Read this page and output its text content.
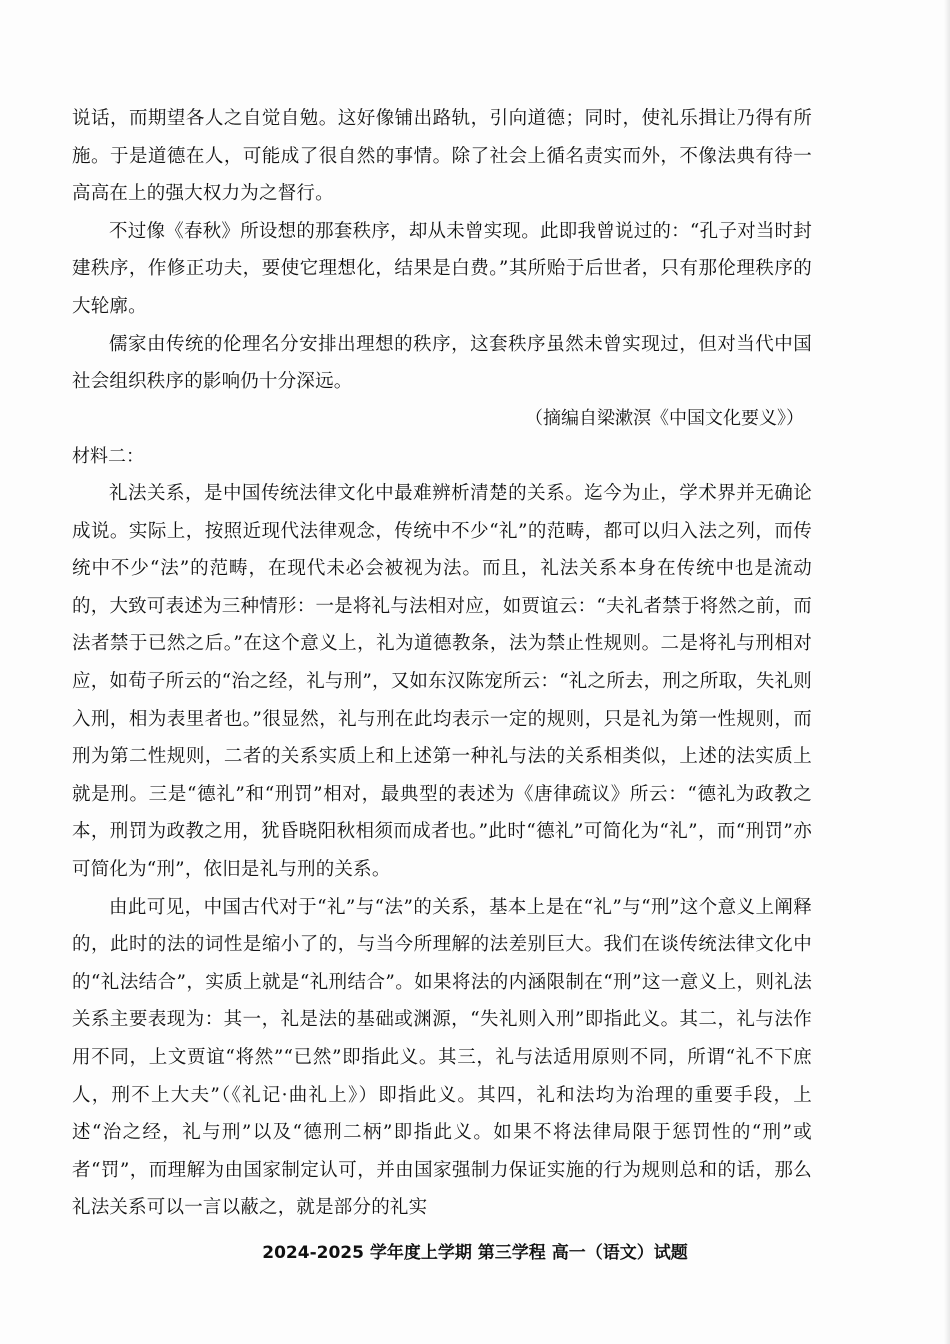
说话，而期望各人之自觉自勉。这好像铺出路轨，引向道德；同时，使礼乐揖让乃得有所施。于是道德在人，可能成了很自然的事情。除了社会上循名责实而外，不像法典有待一高高在上的强大权力为之督行。

不过像《春秋》所设想的那套秩序，却从未曾实现。此即我曾说过的：“孔子对当时封建秩序，作修正功夫，要使它理想化，结果是白费。”其所贻于后世者，只有那伦理秩序的大轮廓。

儒家由传统的伦理名分安排出理想的秩序，这套秩序虽然未曾实现过，但对当代中国社会组织秩序的影响仍十分深远。

（摘编自梁漱溟《中国文化要义》）
材料二：

礼法关系，是中国传统法律文化中最难辨析清楚的关系。迄今为止，学术界并无确论成说。实际上，按照近现代法律观念，传统中不少“礼”的范畴，都可以归入法之列，而传统中不少“法”的范畴，在现代未必会被视为法。而且，礼法关系本身在传统中也是流动的，大致可表述为三种情形：一是将礼与法相对应，如贾谊云：“夫礼者禁于将然之前，而法者禁于已然之后。”在这个意义上，礼为道德教条，法为禁止性规则。二是将礼与刑相对应，如荀子所云的“治之经，礼与刑”，又如东汉陈宠所云：“礼之所去，刑之所取，失礼则入刑，相为表里者也。”很显然，礼与刑在此均表示一定的规则，只是礼为第一性规则，而刑为第二性规则，二者的关系实质上和上述第一种礼与法的关系相类似，上述的法实质上就是刑。三是“德礼”和“刑罚”相对，最典型的表述为《唐律疏议》所云：“德礼为政教之本，刑罚为政教之用，犹昏晓阳秋相须而成者也。”此时“德礼”可简化为“礼”，而“刑罚”亦可简化为“刑”，依旧是礼与刑的关系。

由此可见，中国古代对于“礼”与“法”的关系，基本上是在“礼”与“刑”这个意义上阐释的，此时的法的词性是缩小了的，与当今所理解的法差别巨大。我们在谈传统法律文化中的“礼法结合”，实质上就是“礼刑结合”。如果将法的内涵限制在“刑”这一意义上，则礼法关系主要表现为：其一，礼是法的基础或渊源，“失礼则入刑”即指此义。其二，礼与法作用不同，上文贾谊“将然”“已然”即指此义。其三，礼与法适用原则不同，所谓“礼不下庶人，刑不上大夫”（《礼记·曲礼上》）即指此义。其四，礼和法均为治理的重要手段，上述“治之经，礼与刑”以及“德刑二柄”即指此义。如果不将法律局限于惩罚性的“刑”或者“罚”，而理解为由国家制定认可，并由国家强制力保证实施的行为规则总和的话，那么礼法关系可以一言以蔽之，就是部分的礼实

2024-2025 学年度上学期 第三学程 高一（语文）试题
